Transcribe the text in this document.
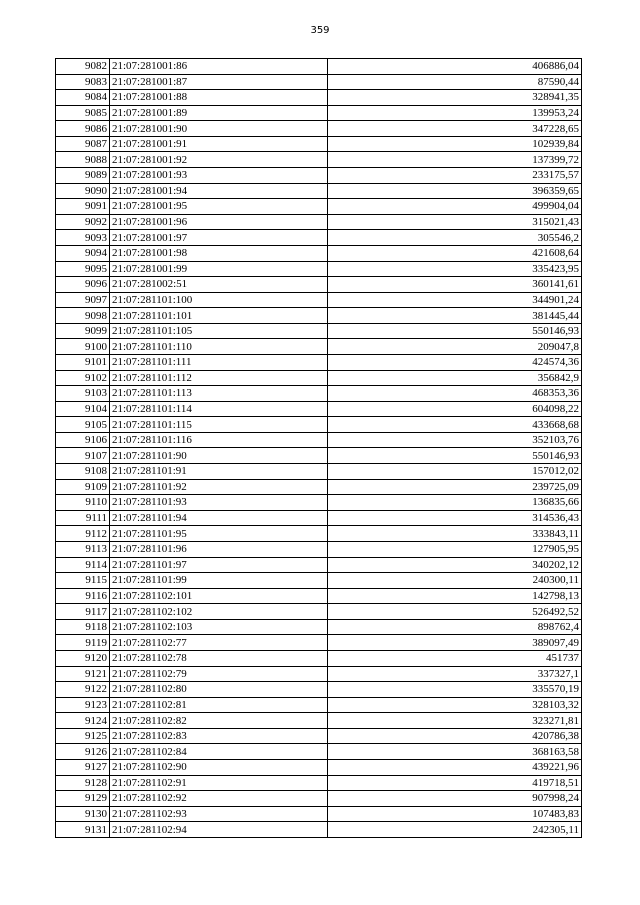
359
9082	21:07:281001:86	406886,04
9083	21:07:281001:87	87590,44
9084	21:07:281001:88	328941,35
9085	21:07:281001:89	139953,24
9086	21:07:281001:90	347228,65
9087	21:07:281001:91	102939,84
9088	21:07:281001:92	137399,72
9089	21:07:281001:93	233175,57
9090	21:07:281001:94	396359,65
9091	21:07:281001:95	499904,04
9092	21:07:281001:96	315021,43
9093	21:07:281001:97	305546,2
9094	21:07:281001:98	421608,64
9095	21:07:281001:99	335423,95
9096	21:07:281002:51	360141,61
9097	21:07:281101:100	344901,24
9098	21:07:281101:101	381445,44
9099	21:07:281101:105	550146,93
9100	21:07:281101:110	209047,8
9101	21:07:281101:111	424574,36
9102	21:07:281101:112	356842,9
9103	21:07:281101:113	468353,36
9104	21:07:281101:114	604098,22
9105	21:07:281101:115	433668,68
9106	21:07:281101:116	352103,76
9107	21:07:281101:90	550146,93
9108	21:07:281101:91	157012,02
9109	21:07:281101:92	239725,09
9110	21:07:281101:93	136835,66
9111	21:07:281101:94	314536,43
9112	21:07:281101:95	333843,11
9113	21:07:281101:96	127905,95
9114	21:07:281101:97	340202,12
9115	21:07:281101:99	240300,11
9116	21:07:281102:101	142798,13
9117	21:07:281102:102	526492,52
9118	21:07:281102:103	898762,4
9119	21:07:281102:77	389097,49
9120	21:07:281102:78	451737
9121	21:07:281102:79	337327,1
9122	21:07:281102:80	335570,19
9123	21:07:281102:81	328103,32
9124	21:07:281102:82	323271,81
9125	21:07:281102:83	420786,38
9126	21:07:281102:84	368163,58
9127	21:07:281102:90	439221,96
9128	21:07:281102:91	419718,51
9129	21:07:281102:92	907998,24
9130	21:07:281102:93	107483,83
9131	21:07:281102:94	242305,11
